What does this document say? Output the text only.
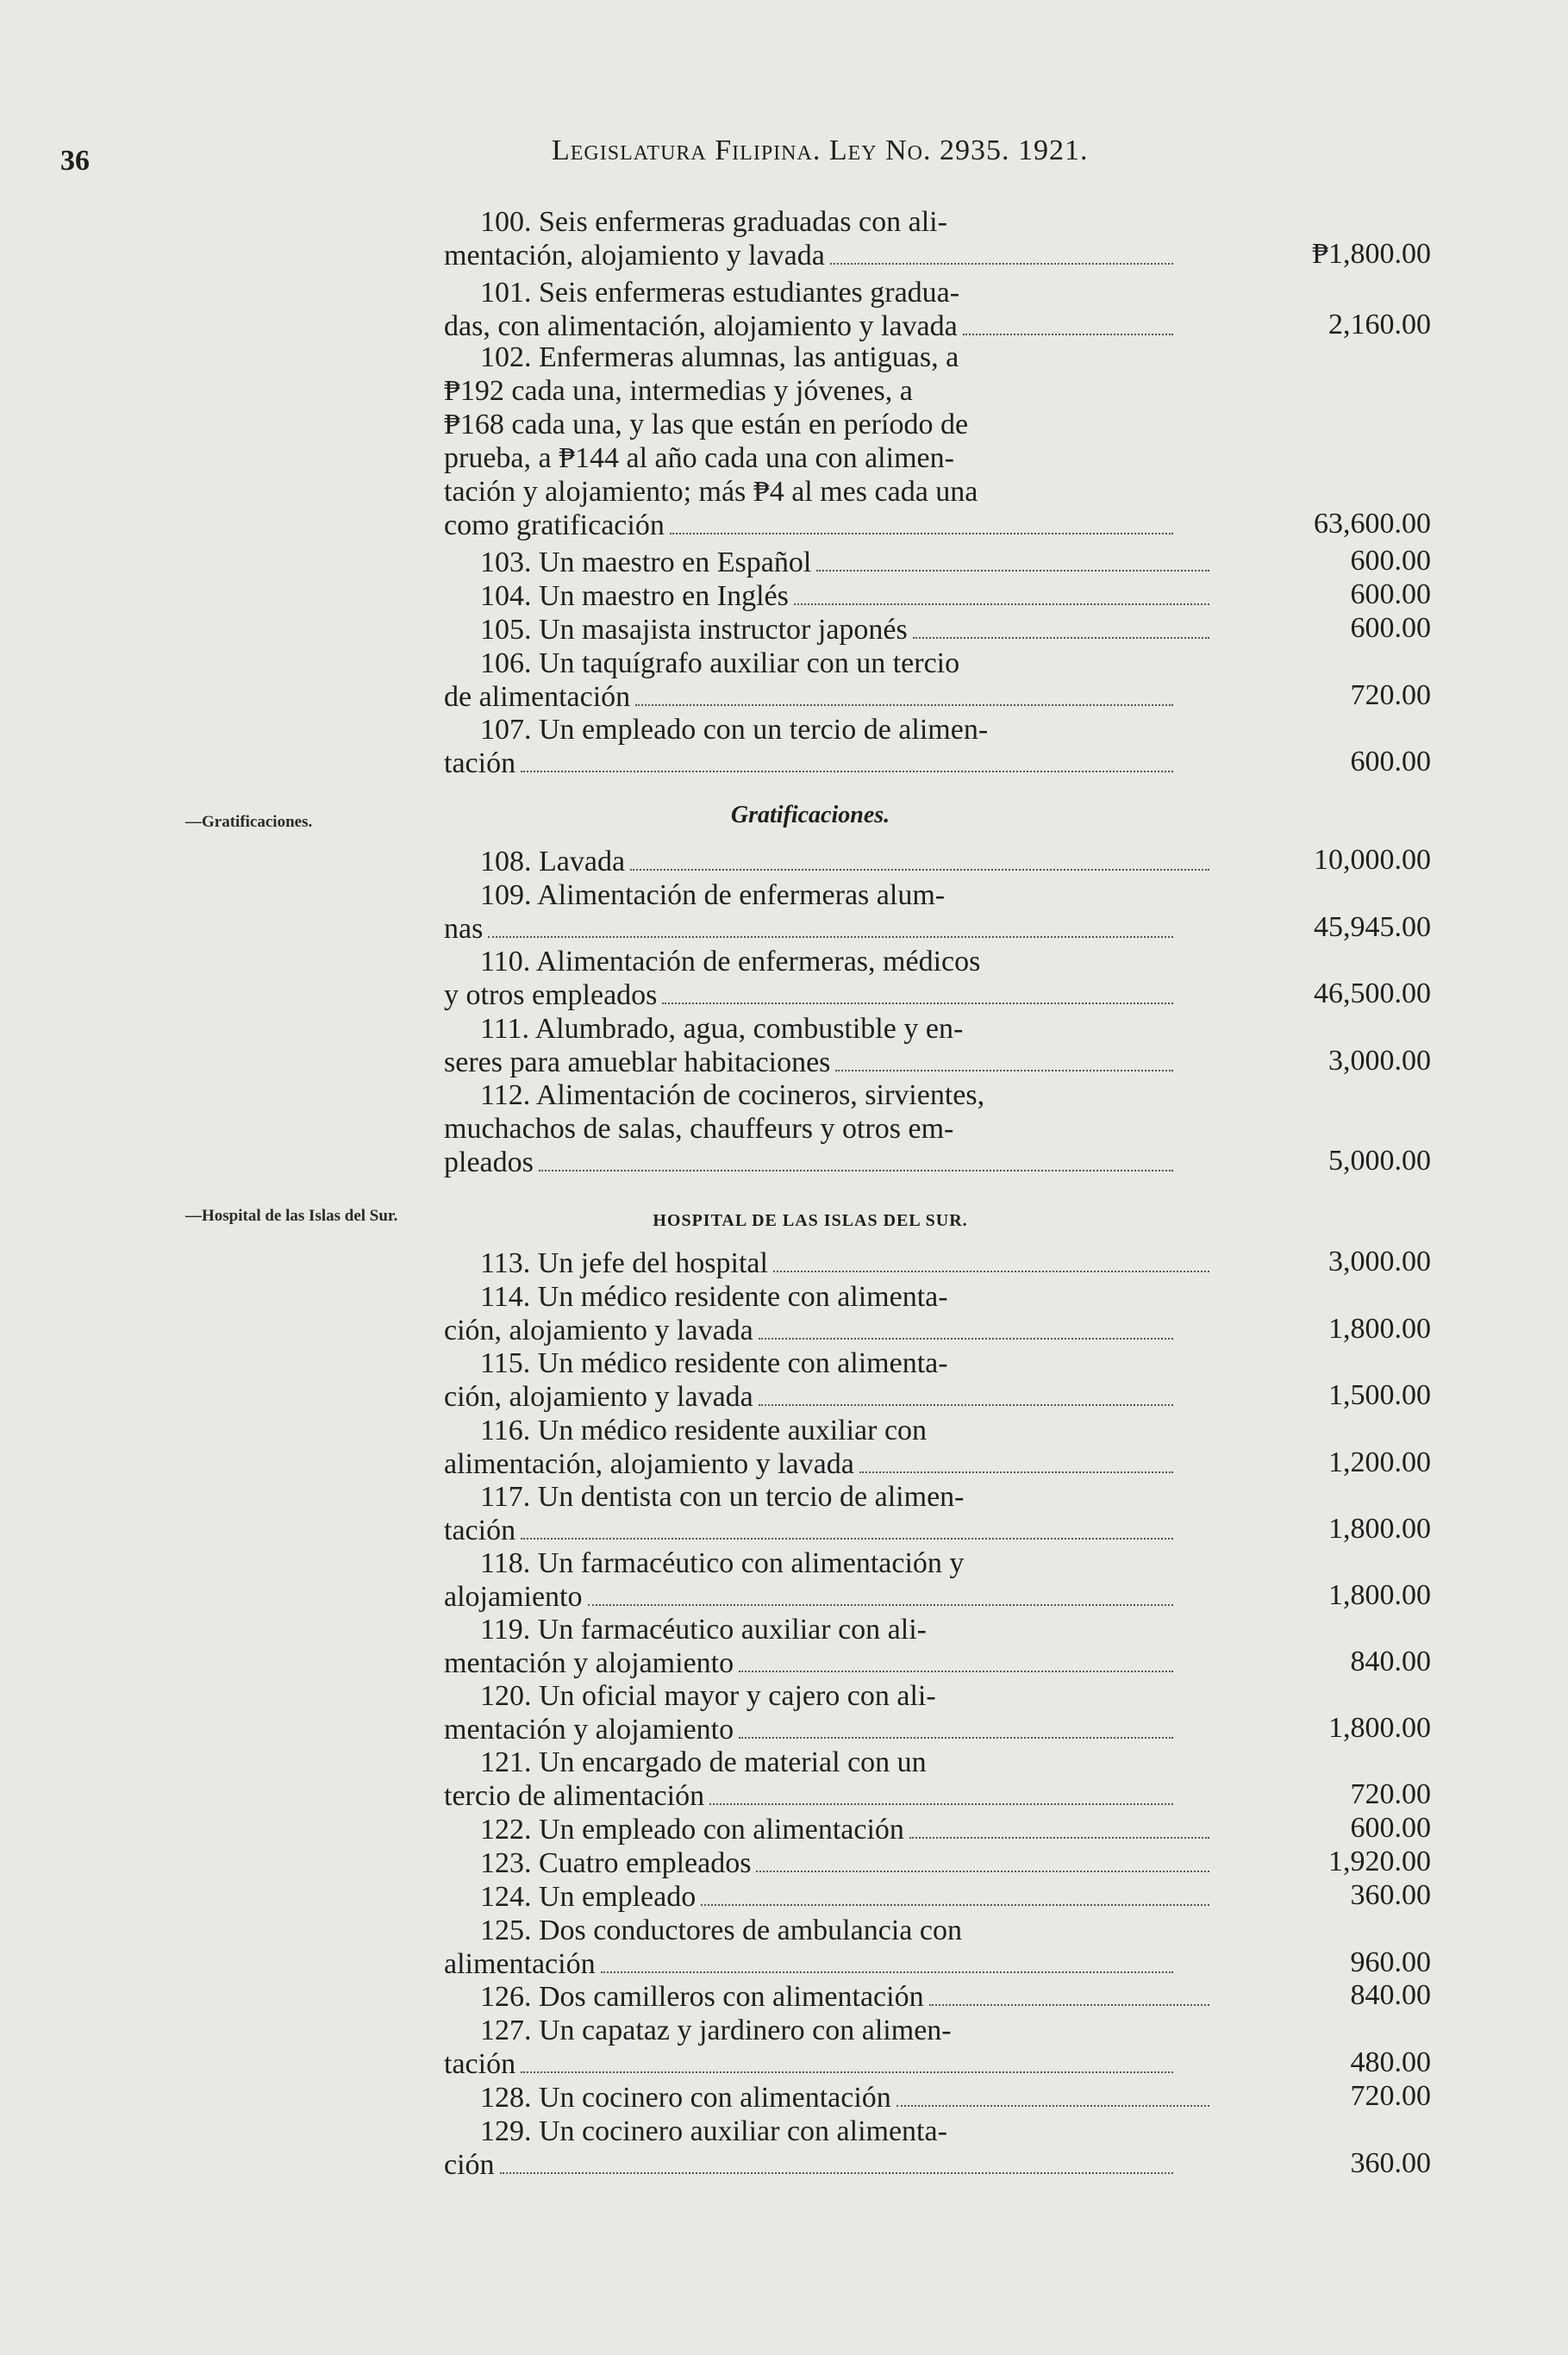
36	Legislatura Filipina. Ley No. 2935. 1921.
—Gratificaciones.
—Hospital de las Islas del Sur.
Gratificaciones.
HOSPITAL DE LAS ISLAS DEL SUR.
100. Seis enfermeras graduadas con ali-
mentación, alojamiento y lavada	₱1,800.00
101. Seis enfermeras estudiantes gradua-
das, con alimentación, alojamiento y lavada	2,160.00
102. Enfermeras alumnas, las antiguas, a
₱192 cada una, intermedias y jóvenes, a
₱168 cada una, y las que están en período de
prueba, a ₱144 al año cada una con alimen-
tación y alojamiento; más ₱4 al mes cada una
como gratificación	63,600.00
103. Un maestro en Español	600.00
104. Un maestro en Inglés	600.00
105. Un masajista instructor japonés	600.00
106. Un taquígrafo auxiliar con un tercio
de alimentación	720.00
107. Un empleado con un tercio de alimen-
tación	600.00
108. Lavada	10,000.00
109. Alimentación de enfermeras alum-
nas	45,945.00
110. Alimentación de enfermeras, médicos
y otros empleados	46,500.00
111. Alumbrado, agua, combustible y en-
seres para amueblar habitaciones	3,000.00
112. Alimentación de cocineros, sirvientes,
muchachos de salas, chauffeurs y otros em-
pleados	5,000.00
113. Un jefe del hospital	3,000.00
114. Un médico residente con alimenta-
ción, alojamiento y lavada	1,800.00
115. Un médico residente con alimenta-
ción, alojamiento y lavada	1,500.00
116. Un médico residente auxiliar con
alimentación, alojamiento y lavada	1,200.00
117. Un dentista con un tercio de alimen-
tación	1,800.00
118. Un farmacéutico con alimentación y
alojamiento	1,800.00
119. Un farmacéutico auxiliar con ali-
mentación y alojamiento	840.00
120. Un oficial mayor y cajero con ali-
mentación y alojamiento	1,800.00
121. Un encargado de material con un
tercio de alimentación	720.00
122. Un empleado con alimentación	600.00
123. Cuatro empleados	1,920.00
124. Un empleado	360.00
125. Dos conductores de ambulancia con
alimentación	960.00
126. Dos camilleros con alimentación	840.00
127. Un capataz y jardinero con alimen-
tación	480.00
128. Un cocinero con alimentación	720.00
129. Un cocinero auxiliar con alimenta-
ción	360.00
